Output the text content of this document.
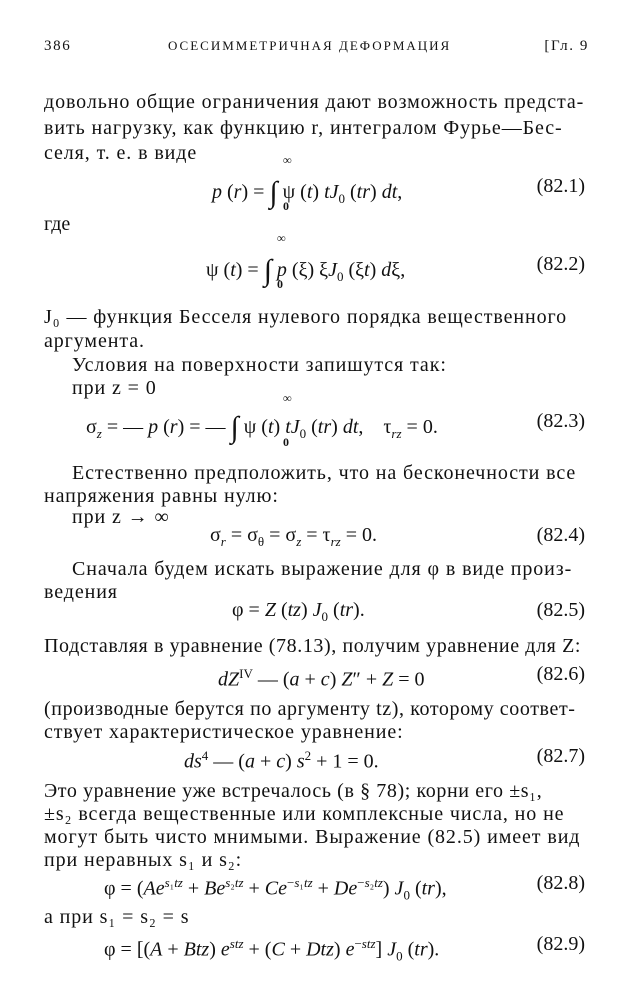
386	ОСЕСИММЕТРИЧНАЯ ДЕФОРМАЦИЯ	[Гл. 9
довольно общие ограничения дают возможность предста-
вить нагрузку, как функцию r, интегралом Фурье—Бес-
селя, т. е. в виде	∞
p (r) = ∫ ψ (t) $tJ_0$ (tr) dt,
0
(82.1)
где
∞
ψ (t) = ∫ p (ξ) $\xi J_0$ (ξt) dξ,
0
(82.2)
J₀ — функция Бесселя нулевого порядка вещественного
аргумента.
Условия на поверхности запишутся так:
при z = 0	∞
$\sigma_z$ = — p (r) = — ∫ ψ (t) $tJ_0$ (tr) dt,    $\tau_{rz} = 0$.
0
(82.3)
Естественно предположить, что на бесконечности все
напряжения равны нулю:
при z → ∞
$\sigma_r = \sigma_\theta = \sigma_z = \tau_{rz} = 0$.	(82.4)
Сначала будем искать выражение для φ в виде произ-
ведения
φ = Z (tz) $J_0$ (tr).	(82.5)
Подставляя в уравнение (78.13), получим уравнение для Z:
$dZ^{IV}$ — (a + c) Z″ + Z = 0	(82.6)
(производные берутся по аргументу tz), которому соответ-
ствует характеристическое уравнение:
$ds^4$ — (a + c) $s^2 + 1 = 0$.	(82.7)
Это уравнение уже встречалось (в § 78); корни его ±s₁,
±s₂ всегда вещественные или комплексные числа, но не
могут быть чисто мнимыми. Выражение (82.5) имеет вид
при неравных s₁ и s₂:
$\varphi = (Ae^{s_1tz} + Be^{s_2tz} + Ce^{-s_1tz} + De^{-s_2tz})$ $J_0$ (tr),	(82.8)
а при s₁ = s₂ = s
φ = [(A + Btz) $e^{stz} + (C + Dtz)$ $e^{-stz}$] $J_0$ (tr).	(82.9)
